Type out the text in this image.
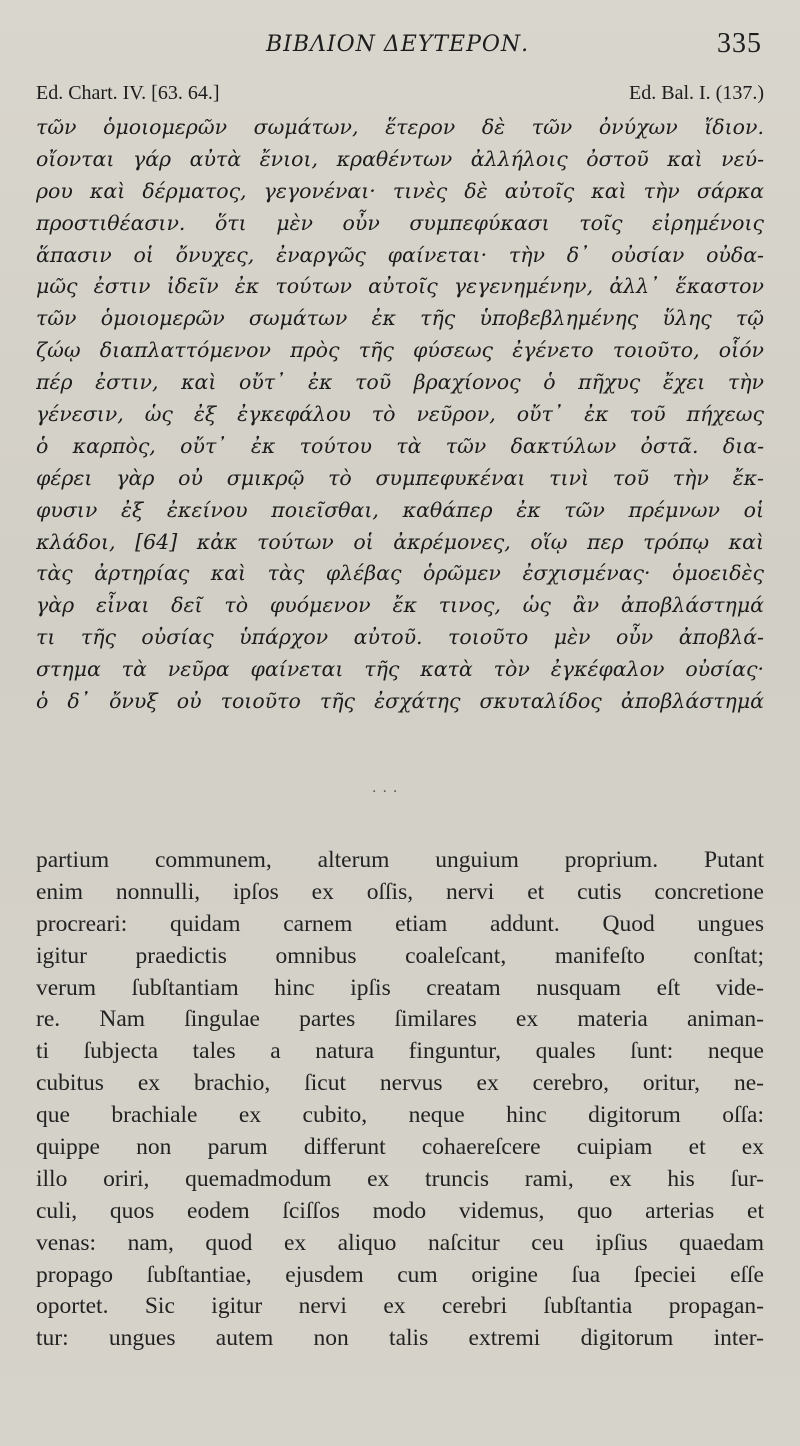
BIBΛΙΟΝ ΔΕΥΤΕΡΟΝ.	335
Ed. Chart. IV. [63. 64.]	Ed. Bal. I. (137.)
τῶν ὁμοιομερῶν σωμάτων, ἕτερον δὲ τῶν ὀνύχων ἴδιον.
οἴονται γάρ αὐτὰ ἔνιοι, κραθέντων ἀλλήλοις ὀστοῦ καὶ νεύ-
ρου καὶ δέρματος, γεγονέναι· τινὲς δὲ αὐτοῖς καὶ τὴν σάρκα
προστιθέασιν. ὅτι μὲν οὖν συμπεφύκασι τοῖς εἰρημένοις
ἅπασιν οἱ ὄνυχες, ἐναργῶς φαίνεται· τὴν δ᾽ οὐσίαν οὐδα-
μῶς ἐστιν ἰδεῖν ἐκ τούτων αὐτοῖς γεγενημένην, ἀλλ᾽ ἕκαστον
τῶν ὁμοιομερῶν σωμάτων ἐκ τῆς ὑποβεβλημένης ὕλης τῷ
ζώῳ διαπλαττόμενον πρὸς τῆς φύσεως ἐγένετο τοιοῦτο, οἷόν
πέρ ἐστιν, καὶ οὔτ᾽ ἐκ τοῦ βραχίονος ὁ πῆχυς ἔχει τὴν
γένεσιν, ὡς ἐξ ἐγκεφάλου τὸ νεῦρον, οὔτ᾽ ἐκ τοῦ πήχεως
ὁ καρπὸς, οὔτ᾽ ἐκ τούτου τὰ τῶν δακτύλων ὀστᾶ. δια-
φέρει γὰρ οὐ σμικρῷ τὸ συμπεφυκέναι τινὶ τοῦ τὴν ἔκ-
φυσιν ἐξ ἐκείνου ποιεῖσθαι, καθάπερ ἐκ τῶν πρέμνων οἱ
κλάδοι, [64] κἀκ τούτων οἱ ἀκρέμονες, οἵῳ περ τρόπῳ καὶ
τὰς ἀρτηρίας καὶ τὰς φλέβας ὁρῶμεν ἐσχισμένας· ὁμοειδὲς
γὰρ εἶναι δεῖ τὸ φυόμενον ἔκ τινος, ὡς ἂν ἀποβλάστημά
τι τῆς οὐσίας ὑπάρχον αὐτοῦ. τοιοῦτο μὲν οὖν ἀποβλά-
στημα τὰ νεῦρα φαίνεται τῆς κατὰ τὸν ἐγκέφαλον οὐσίας·
ὁ δ᾽ ὄνυξ οὐ τοιοῦτο τῆς ἐσχάτης σκυταλίδος ἀποβλάστημά
···
partium communem, alterum unguium proprium. Putant
enim nonnulli, ipſos ex oſſis, nervi et cutis concretione
procreari: quidam carnem etiam addunt. Quod ungues
igitur praedictis omnibus coaleſcant, manifeſto conſtat;
verum ſubſtantiam hinc ipſis creatam nusquam eſt vide-
re. Nam ſingulae partes ſimilares ex materia animan-
ti ſubjecta tales a natura finguntur, quales ſunt: neque
cubitus ex brachio, ſicut nervus ex cerebro, oritur, ne-
que brachiale ex cubito, neque hinc digitorum oſſa:
quippe non parum differunt cohaereſcere cuipiam et ex
illo oriri, quemadmodum ex truncis rami, ex his ſur-
culi, quos eodem ſciſſos modo videmus, quo arterias et
venas: nam, quod ex aliquo naſcitur ceu ipſius quaedam
propago ſubſtantiae, ejusdem cum origine ſua ſpeciei eſſe
oportet. Sic igitur nervi ex cerebri ſubſtantia propagan-
tur: ungues autem non talis extremi digitorum inter-
